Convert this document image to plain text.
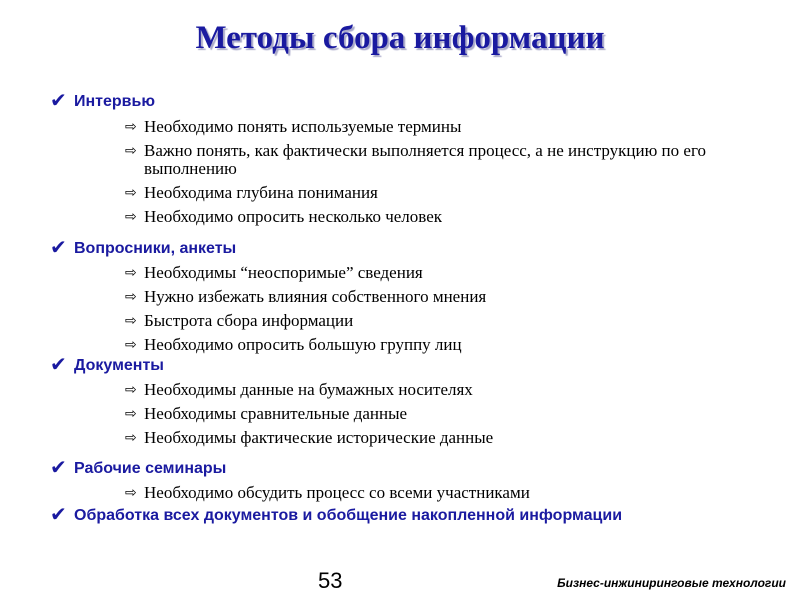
Методы сбора информации
✔ Интервью
⇨ Необходимо понять используемые термины
⇨ Важно понять, как фактически выполняется процесс, а не инструкцию по его выполнению
⇨ Необходима глубина понимания
⇨ Необходимо опросить несколько человек
✔ Вопросники, анкеты
⇨ Необходимы “неоспоримые” сведения
⇨ Нужно избежать влияния собственного мнения
⇨ Быстрота сбора информации
⇨ Необходимо опросить большую группу лиц
✔ Документы
⇨ Необходимы данные на бумажных носителях
⇨ Необходимы сравнительные данные
⇨ Необходимы фактические исторические данные
✔ Рабочие семинары
⇨ Необходимо обсудить процесс со всеми участниками
✔ Обработка всех документов и обобщение накопленной информации
53	Бизнес-инжиниринговые технологии
